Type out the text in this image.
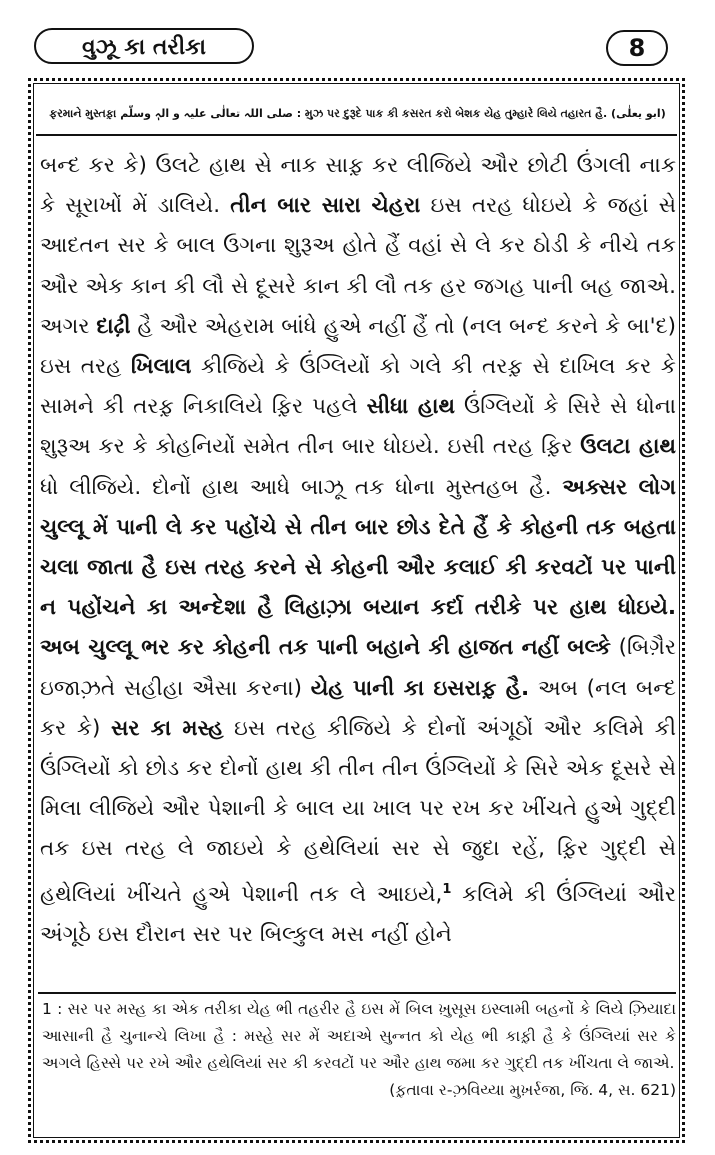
વુઝૂ કા તરીકા	8
ફરમાને મુસ્તફ઼ા صلی اللہ تعالٰی علیہ و الہٖ وسلّم : મુઝ પર દુરૂદે પાક કી કસરત કરો બેશક યેહ તુમ્હારે લિયે તહારત હૈ. (ابو یعلٰی)

બન્દ કર કે) ઉલટે હાથ સે નાક સાફ઼ કર લીજિયે ઔર છોટી ઉંગલી નાક કે સૂરાખોં મેં ડાલિયે. તીન બાર સારા ચેહરા ઇસ તરહ ધોઇયે કે જહાં સે આદતન સર કે બાલ ઉગના શુરૂઅ હોતે હૈં વહાં સે લે કર ઠોડી કે નીચે તક ઔર એક કાન કી લૌ સે દૂસરે કાન કી લૌ તક હર જગહ પાની બહ જાએ. અગર દાઢ઼ી હૈ ઔર એહરામ બાંધે હુએ નહીં હૈં તો (નલ બન્દ કરને કે બા'દ) ઇસ તરહ ખિલાલ કીજિયે કે ઉંગ્લિયોં કો ગલે કી તરફ઼ સે દાખિલ કર કે સામને કી તરફ઼ નિકાલિયે ફ઼િર પહલે સીધા હાથ ઉંગ્લિયોં કે સિરે સે ધોના શુરૂઅ કર કે કોહનિયોં સમેત તીન બાર ધોઇયે. ઇસી તરહ ફ઼િર ઉલટા હાથ ધો લીજિયે. દોનોં હાથ આધે બાઝૂ તક ધોના મુસ્તહબ હૈ. અક્સર લોગ ચુલ્લૂ મેં પાની લે કર પહોંચે સે તીન બાર છોડ દેતે હૈં કે કોહની તક બહતા ચલા જાતા હૈ ઇસ તરહ કરને સે કોહની ઔર કલાઈ કી કરવટોં પર પાની ન પહોંચને કા અન્દેશા હૈ લિહાઝ઼ા બયાન કર્દા તરીકે પર હાથ ધોઇયે. અબ ચુલ્લૂ ભર કર કોહની તક પાની બહાને કી હાજત નહીં બલ્કે (બિગ઼ૈર ઇજાઝ઼તે સહીહા ઐસા કરના) યેહ પાની કા ઇસરાફ઼ હૈ. અબ (નલ બન્દ કર કે) સર કા મસ્હ ઇસ તરહ કીજિયે કે દોનોં અંગૂઠોં ઔર કલિમે કી ઉંગ્લિયોં કો છોડ કર દોનોં હાથ કી તીન તીન ઉંગ્લિયોં કે સિરે એક દૂસરે સે મિલા લીજિયે ઔર પેશાની કે બાલ યા ખાલ પર રખ કર ખીંચતે હુએ ગુદ્દી તક ઇસ તરહ લે જાઇયે કે હથેલિયાં સર સે જુદા રહેં, ફ઼િર ગુદ્દી સે હથેલિયાં ખીંચતે હુએ પેશાની તક લે આઇયે,$^1$ કલિમે કી ઉંગ્લિયાં ઔર અંગૂઠે ઇસ દૌરાન સર પર બિલ્કુલ મસ નહીં હોને

1 : સર પર મસ્હ કા એક તરીકા યેહ ભી તહરીર હૈ ઇસ મેં બિલ ખ઼ુસૂસ ઇસ્લામી બહનોં કે લિયે ઝ઼િયાદા આસાની હૈ ચુનાન્ચે લિખા હૈ : મસ્હે સર મેં અદાએ સુન્નત કો યેહ ભી કાફ઼ી હૈ કે ઉંગ્લિયાં સર કે અગલે હિસ્સે પર રખે ઔર હથેલિયાં સર કી કરવટોં પર ઔર હાથ જમા કર ગુદ્દી તક ખીંચતા લે જાએ.
(ફ઼તાવા ર-ઝ઼વિય્યા મુખ઼ર્રજા, જિ. 4, સ. 621)
